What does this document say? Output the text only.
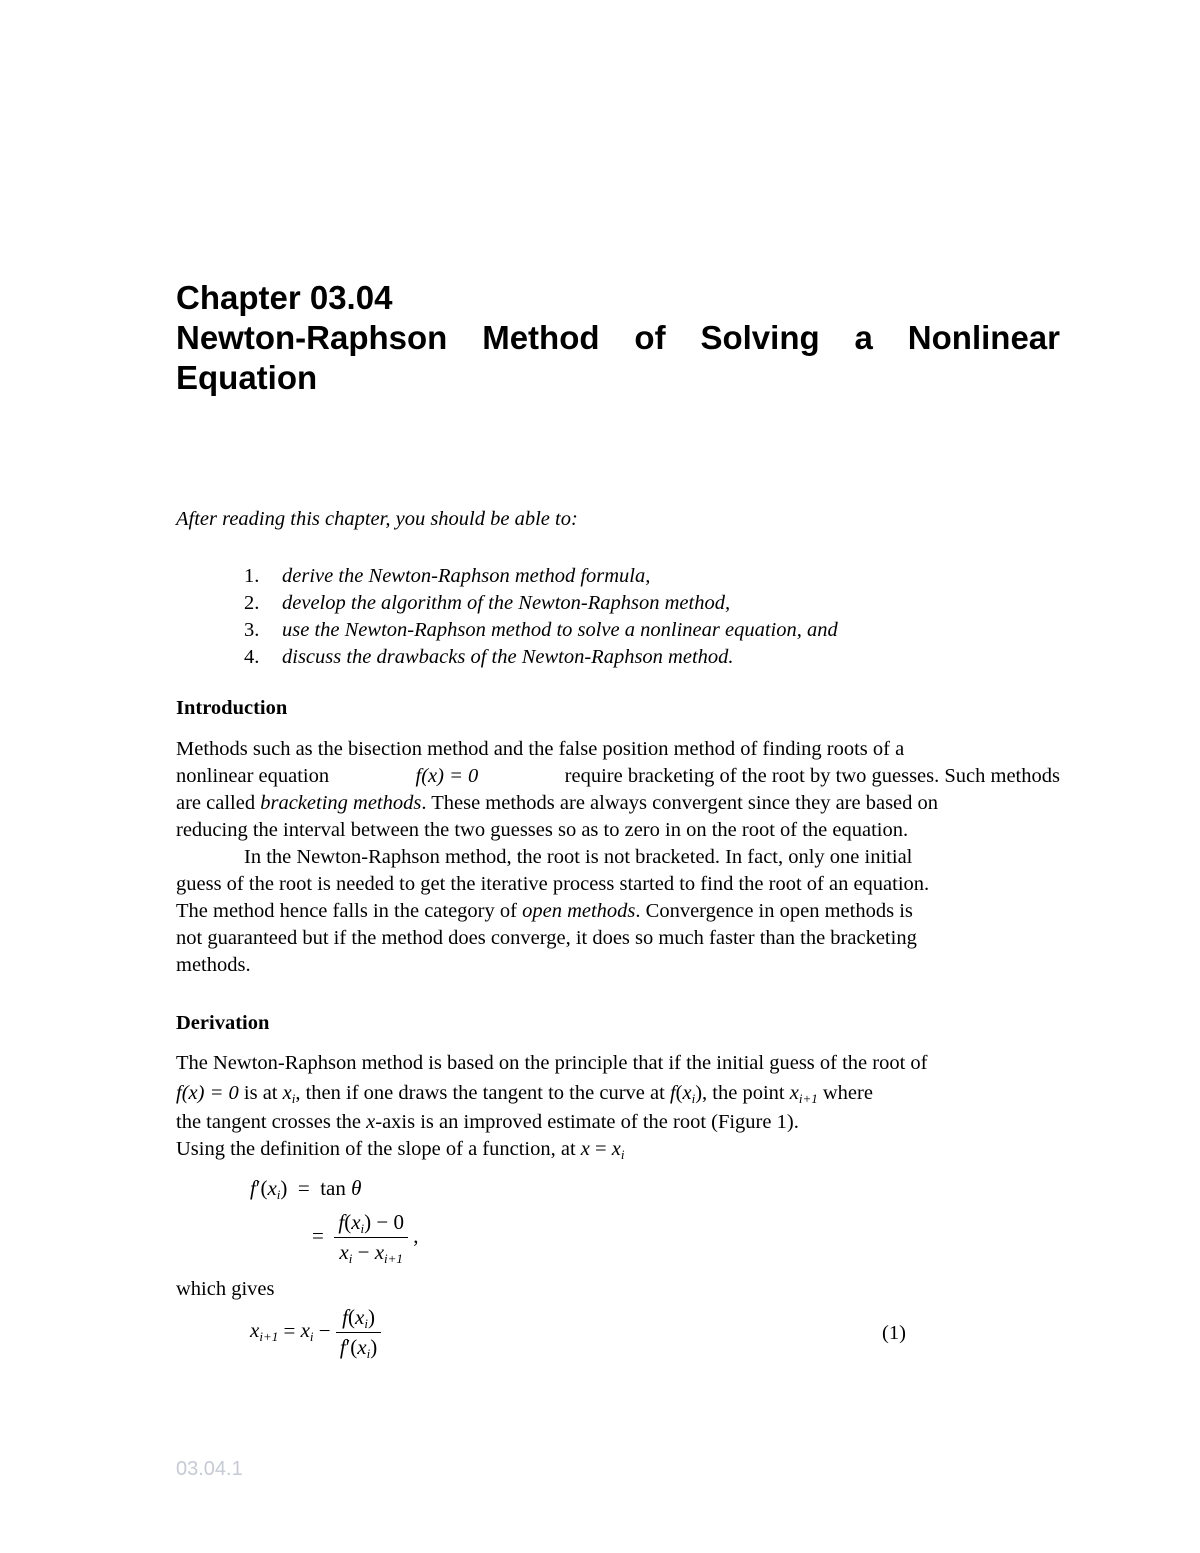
Chapter 03.04
Newton-Raphson Method of Solving a Nonlinear
Equation
After reading this chapter, you should be able to:
1. derive the Newton-Raphson method formula,
2. develop the algorithm of the Newton-Raphson method,
3. use the Newton-Raphson method to solve a nonlinear equation, and
4. discuss the drawbacks of the Newton-Raphson method.
Introduction
Methods such as the bisection method and the false position method of finding roots of a
nonlinear equation	f(x) = 0	require bracketing of the root by two guesses. Such methods
are called bracketing methods. These methods are always convergent since they are based on
reducing the interval between the two guesses so as to zero in on the root of the equation.
In the Newton-Raphson method, the root is not bracketed. In fact, only one initial
guess of the root is needed to get the iterative process started to find the root of an equation.
The method hence falls in the category of open methods. Convergence in open methods is
not guaranteed but if the method does converge, it does so much faster than the bracketing
methods.
Derivation
The Newton-Raphson method is based on the principle that if the initial guess of the root of
f(x) = 0 is at $x_i$, then if one draws the tangent to the curve at $f(x_i)$, the point $x_{i+1}$ where
the tangent crosses the x-axis is an improved estimate of the root (Figure 1).
Using the definition of the slope of a function, at $x = x_i$
$f'(x_i) = \tan \theta$
= $\frac{f(x_i) - 0}{x_i - x_{i+1}}$ ,
which gives
$x_{i+1} = x_i - \frac{f(x_i)}{f'(x_i)}$	(1)
03.04.1
